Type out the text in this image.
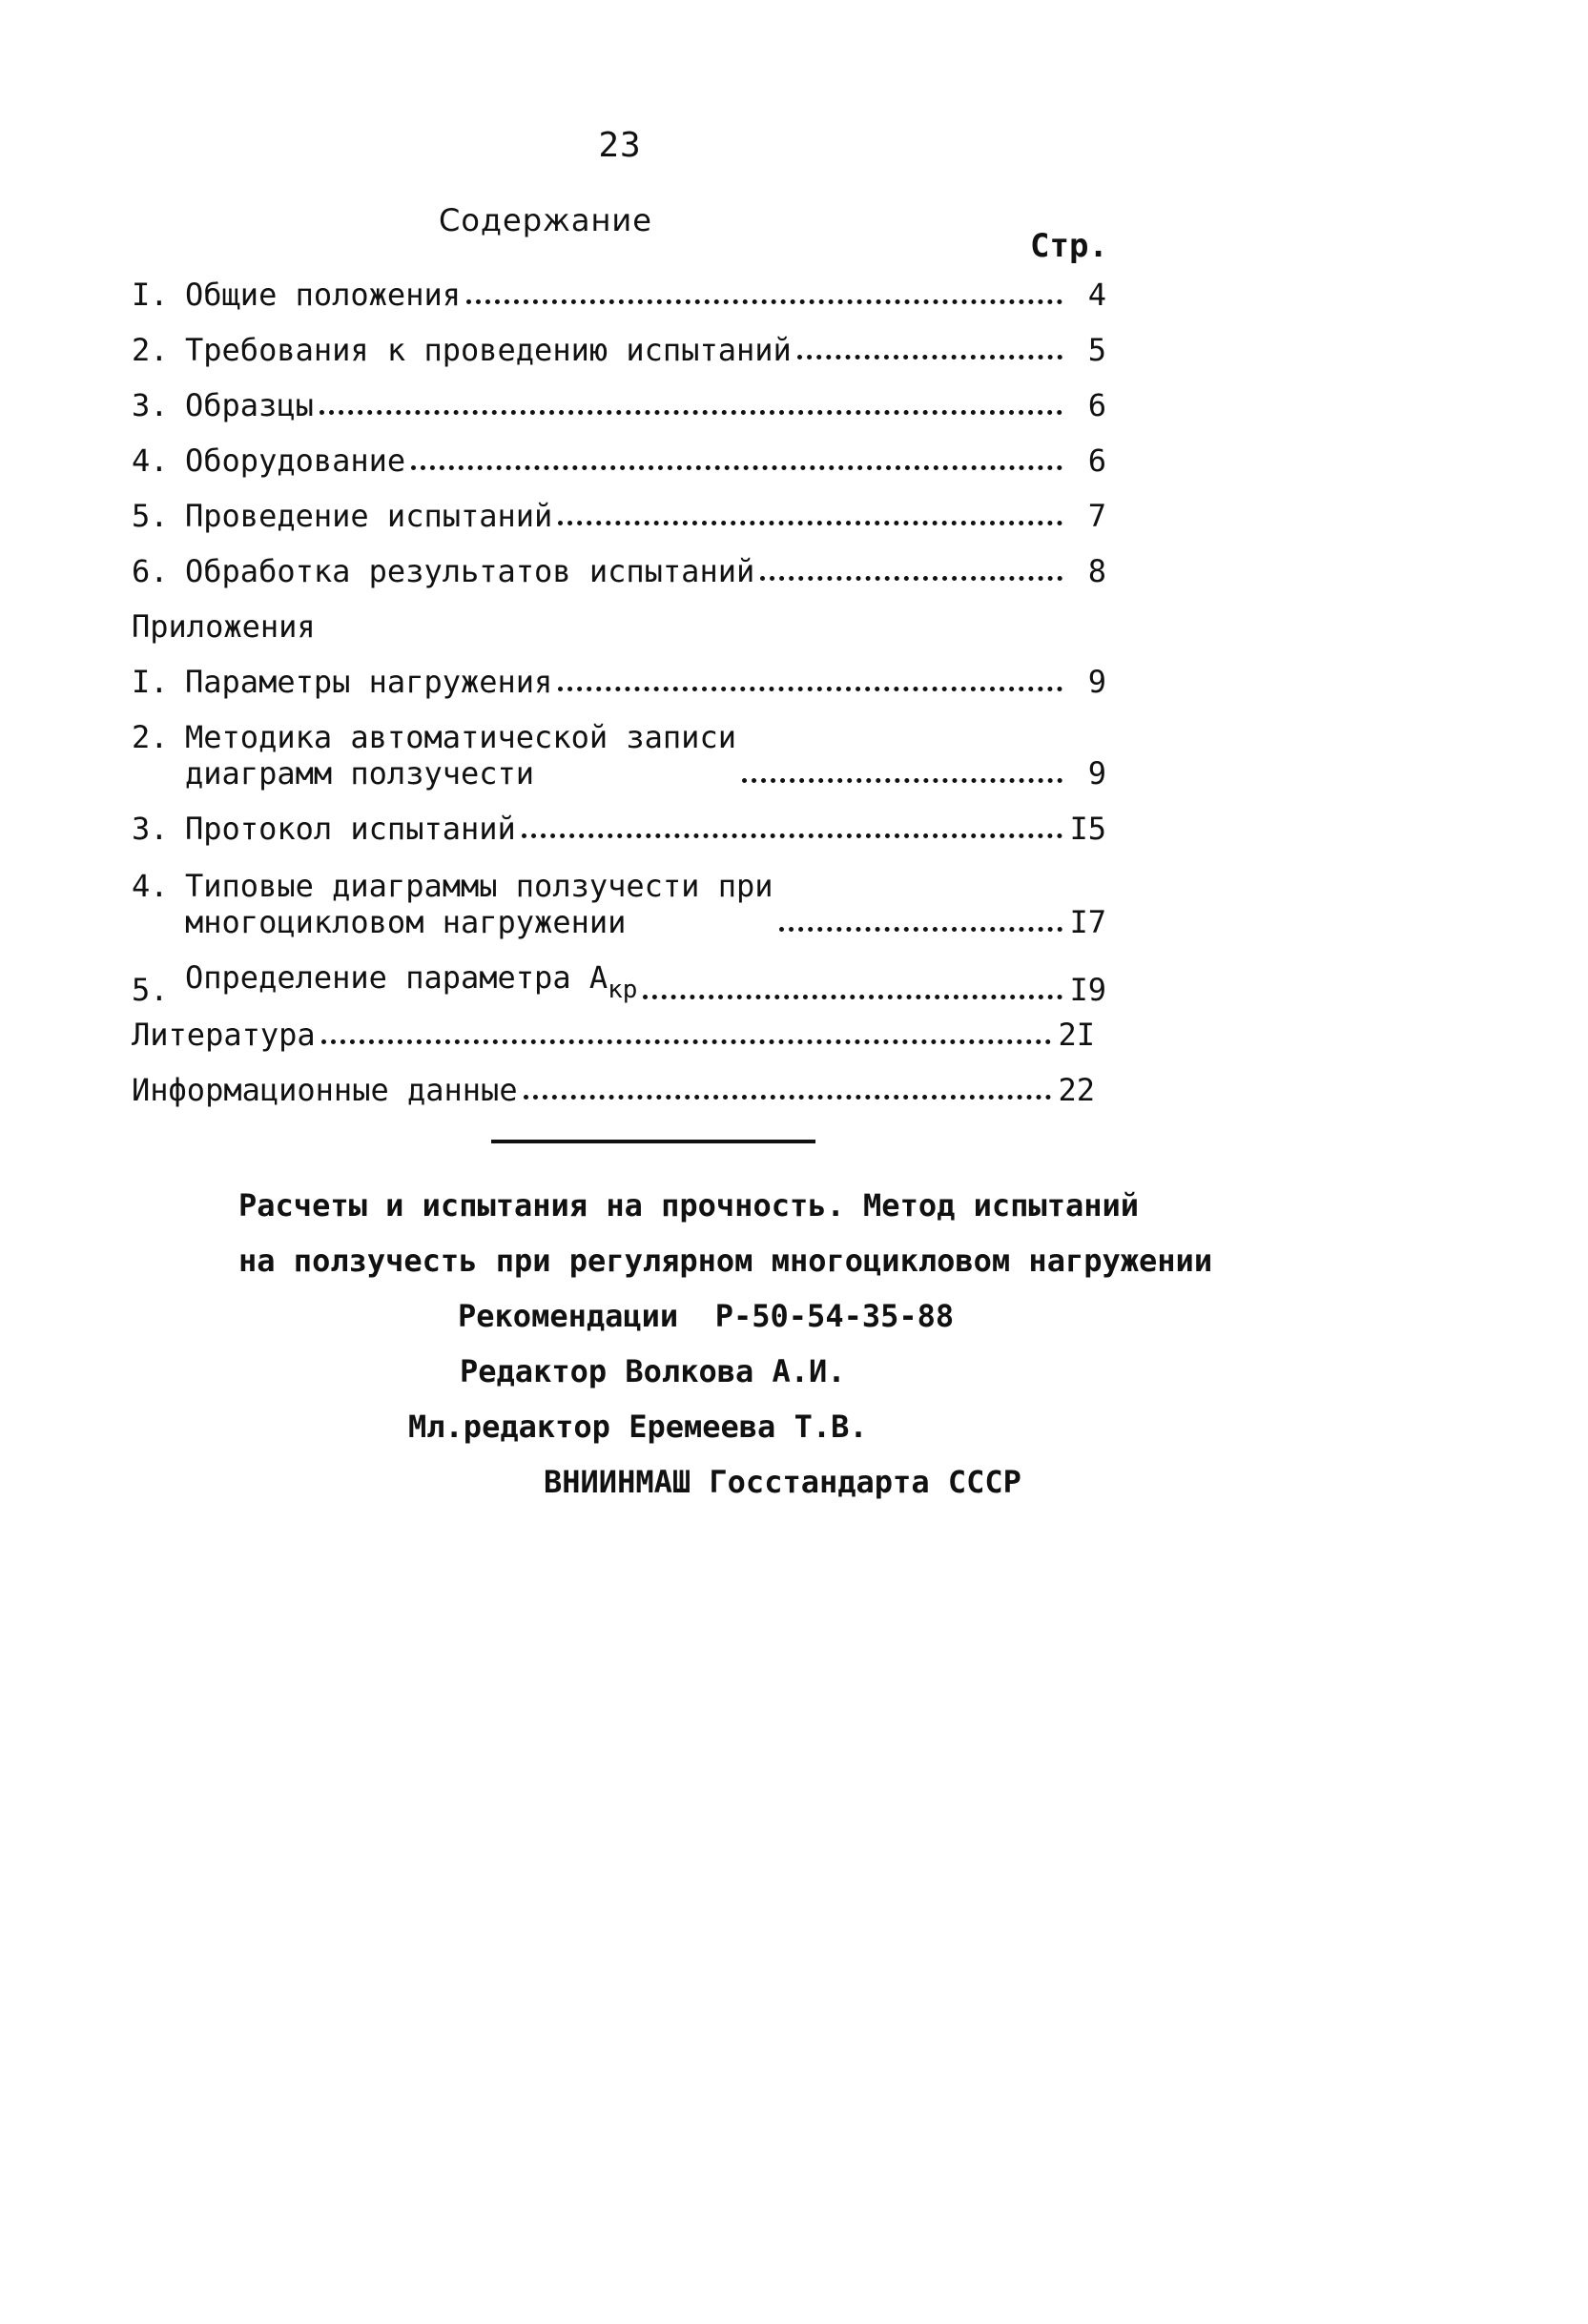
23
Содержание
Стр.
I. Общие положения	4
2. Требования к проведению испытаний	5
3. Образцы	6
4. Оборудование	6
5. Проведение испытаний	7
6. Обработка результатов испытаний	8
Приложения
I. Параметры нагружения	9
2. Методика автоматической записи
диаграмм ползучести	9
3. Протокол испытаний	I5
4. Типовые диаграммы ползучести при
многоцикловом нагружении	I7
5. Определение параметра $А_{кр}$	I9
Литература	2I
Информационные данные	22
Расчеты и испытания на прочность. Метод испытаний
на ползучесть при регулярном многоцикловом нагружении
Рекомендации  Р-50-54-35-88
Редактор Волкова А.И.
Мл.редактор Еремеева Т.В.
ВНИИНМАШ Госстандарта СССР
